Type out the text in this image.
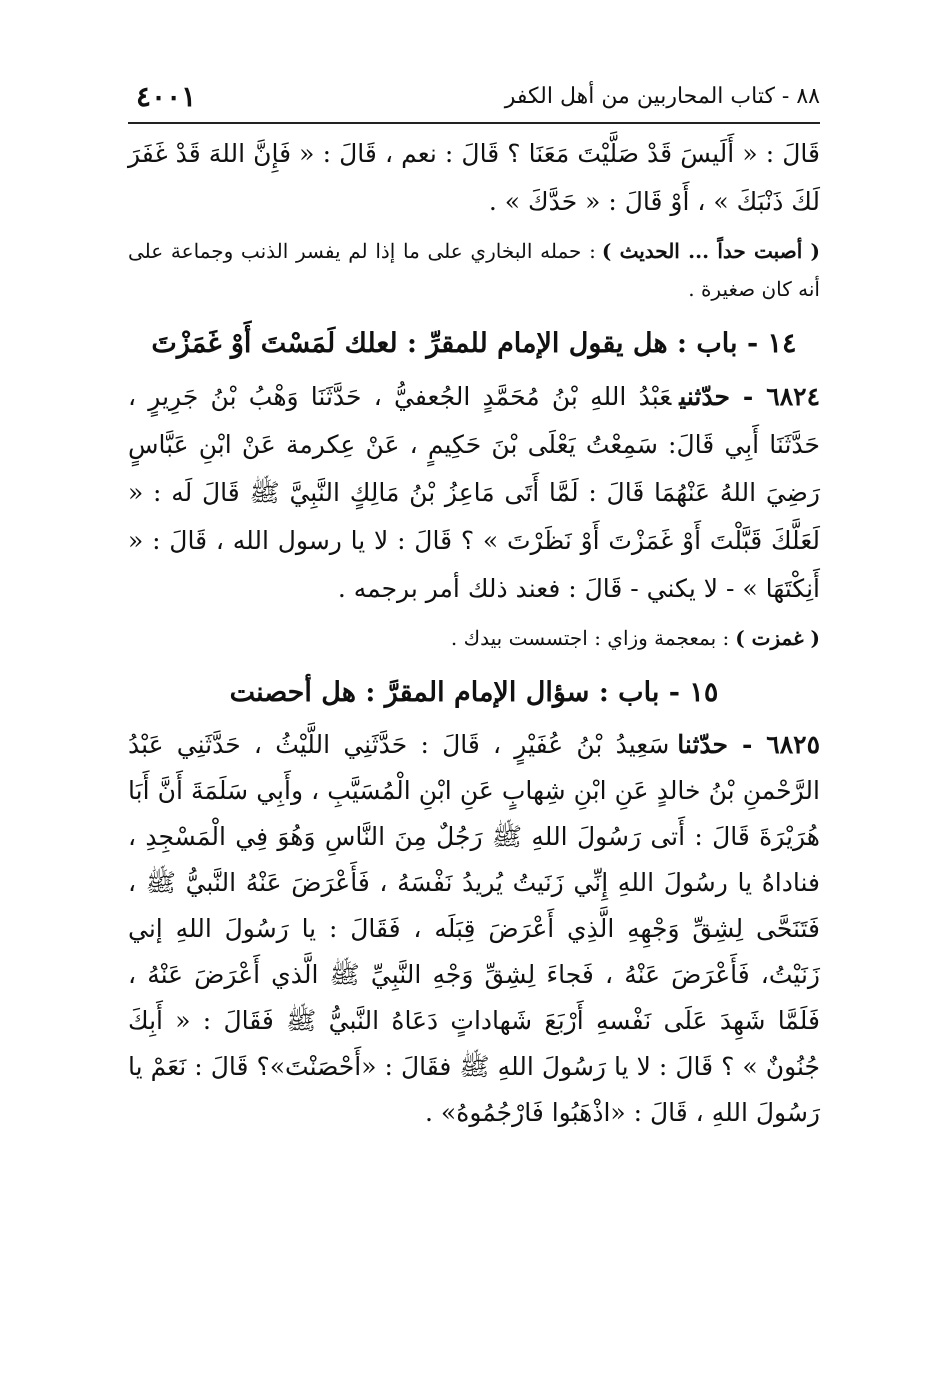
٨٨ - كتاب المحاربين من أهل الكفر
٤٠٠١

قَالَ : « أَلَيسَ قَدْ صَلَّيْتَ مَعَنَا ؟ قَالَ : نعم ، قَالَ : « فَإِنَّ اللهَ قَدْ غَفَرَ لَكَ ذَنْبَكَ » ، أَوْ قَالَ : « حَدَّكَ » .

( أصبت حداً ... الحديث ): حمله البخاري على ما إذا لم يفسر الذنب وجماعة على أنه كان صغيرة .

١٤ - باب : هل يقول الإمام للمقرِّ : لعلك لَمَسْتَ أَوْ غَمَزْتَ

٦٨٢٤ - حدّثنيعَبْدُ اللهِ بْنُ مُحَمَّدٍ الجُعفيُّ ، حَدَّثَنَا وَهْبُ بْنُ جَرِيرٍ ، حَدَّثَنَا أَبِي قَالَ: سَمِعْتُ يَعْلَى بْنَ حَكِيمٍ ، عَنْ عِكرمة عَنْ ابْنِ عَبَّاسٍ رَضِيَ اللهُ عَنْهُمَا قَالَ : لَمَّا أَتَى مَاعِزُ بْنُ مَالِكٍ النَّبِيَّ ﷺ قَالَ لَه : « لَعَلَّكَ قَبَّلْتَ أَوْ غَمَزْتَ أَوْ نَظَرْتَ » ؟ قَالَ : لا يا رسول الله ، قَالَ : « أَنِكْتَهَا » - لا يكني - قَالَ : فعند ذلك أمر برجمه .

( غمزت ): بمعجمة وزاي : اجتسست بيدك .

١٥ - باب : سؤال الإمام المقرَّ : هل أحصنت

٦٨٢٥ - حدّثناسَعِيدُ بْنُ عُفَيْرٍ ، قَالَ : حَدَّثَنِي اللَّيْثُ ، حَدَّثَنِي عَبْدُ الرَّحْمنِ بْنُ خالدٍ عَنِ ابْنِ شِهابٍ عَنِ ابْنِ الْمُسَيَّبِ ، وأَبِي سَلَمَةَ أَنَّ أَبَا هُرَيْرَةَ قَالَ : أَتى رَسُولَ اللهِ ﷺ رَجُلٌ مِنَ النَّاسِ وَهُوَ فِي الْمَسْجِدِ ، فناداهُ يا رسُولَ اللهِ إِنِّي زَنَيتُ يُريدُ نَفْسَهُ ، فَأَعْرَضَ عَنْهُ النَّبيُّ ﷺ ، فَتَنَحَّى لِشِقِّ وَجْهِهِ الَّذِي أَعْرَضَ قِبَلَه ، فَقَالَ : يا رَسُولَ اللهِ إني زَنَيْتُ، فَأَعْرَضَ عَنْهُ ، فَجاءَ لِشِقِّ وَجْهِ النَّبِيِّ ﷺ الَّذي أَعْرَضَ عَنْهُ ، فَلَمَّا شَهِدَ عَلَى نَفْسهِ أَرْبَعَ شَهاداتٍ دَعَاهُ النَّبيُّ ﷺ فَقَالَ : « أَبِكَ جُنُونٌ » ؟ قَالَ : لا يا رَسُولَ اللهِ ﷺ فقَالَ : «أَحْصَنْتَ»؟ قَالَ : نَعَمْ يا رَسُولَ اللهِ ، قَالَ : «اذْهَبُوا فَارْجُمُوهُ» .
